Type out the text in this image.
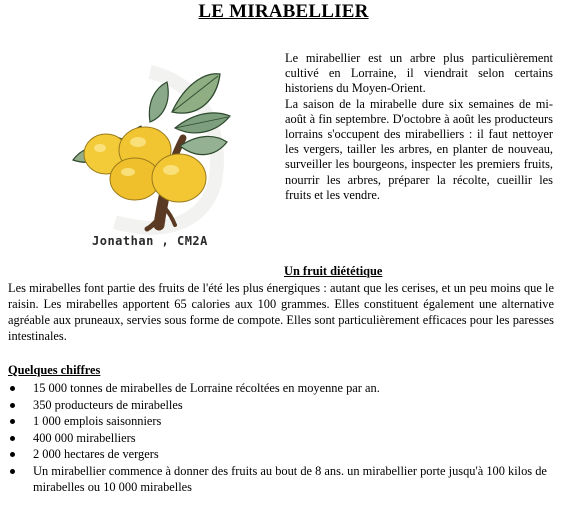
LE MIRABELLIER
Jonathan , CM2A

Le mirabellier est un arbre plus particulièrement cultivé en Lorraine, il viendrait selon certains historiens du Moyen-Orient.

La saison de la mirabelle dure six semaines de mi-août à fin septembre. D'octobre à août les producteurs lorrains s'occupent des mirabelliers : il faut nettoyer les vergers, tailler les arbres, en planter de nouveau, surveiller les bourgeons, inspecter les premiers fruits, nourrir les arbres, préparer la récolte, cueillir les fruits et les vendre.

Un fruit diététique
Les mirabelles font partie des fruits de l'été les plus énergiques : autant que les cerises, et un peu moins que le raisin. Les mirabelles apportent 65 calories aux 100 grammes. Elles constituent également une alternative agréable aux pruneaux, servies sous forme de compote. Elles sont particulièrement efficaces pour les paresses intestinales.
Quelques chiffres
15 000 tonnes de mirabelles de Lorraine récoltées en moyenne par an.
350 producteurs de mirabelles
1 000 emplois saisonniers
400 000 mirabelliers
2 000 hectares de vergers
Un mirabellier commence à donner des fruits au bout de 8 ans. un mirabellier porte jusqu'à 100 kilos de mirabelles ou 10 000 mirabelles
